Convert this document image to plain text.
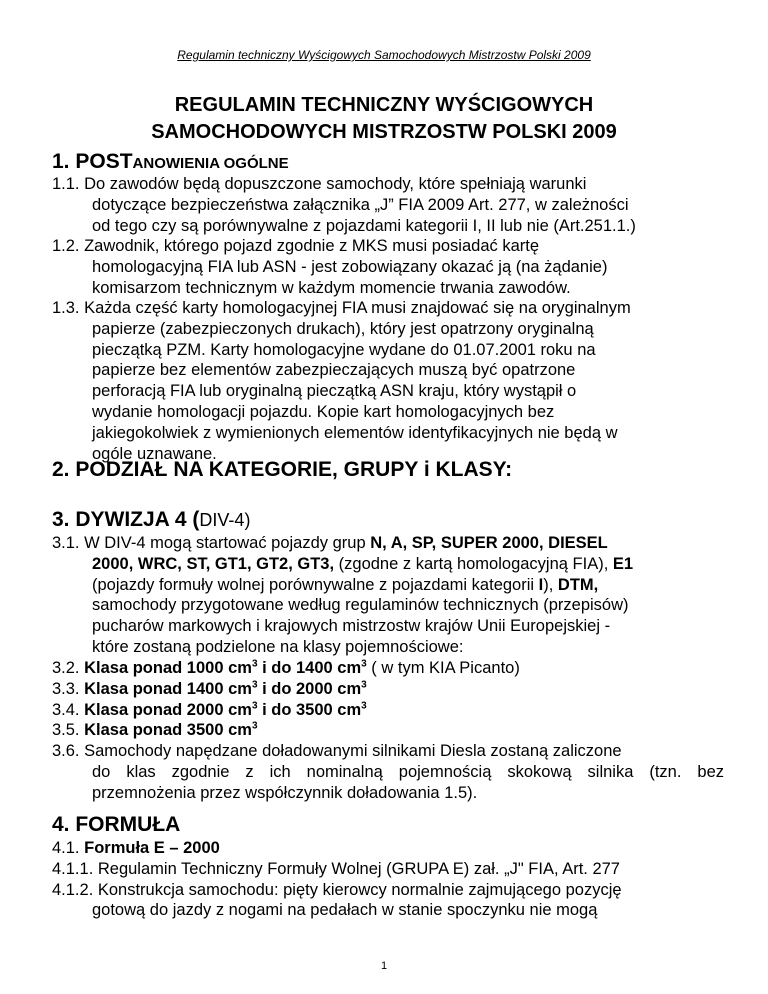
Regulamin techniczny Wyścigowych Samochodowych Mistrzostw Polski 2009
REGULAMIN TECHNICZNY WYŚCIGOWYCH
SAMOCHODOWYCH MISTRZOSTW POLSKI 2009
1. POSTANOWIENIA OGÓLNE
1.1. Do zawodów będą dopuszczone samochody, które spełniają warunki
dotyczące bezpieczeństwa załącznika „J” FIA 2009 Art. 277, w zależności
od tego czy są porównywalne z pojazdami kategorii I, II lub nie (Art.251.1.)
1.2. Zawodnik, którego pojazd zgodnie z MKS musi posiadać kartę
homologacyjną FIA lub ASN - jest zobowiązany okazać ją (na żądanie)
komisarzom technicznym w każdym momencie trwania zawodów.
1.3. Każda część karty homologacyjnej FIA musi znajdować się na oryginalnym
papierze (zabezpieczonych drukach), który jest opatrzony oryginalną
pieczątką PZM. Karty homologacyjne wydane do 01.07.2001 roku na
papierze bez elementów zabezpieczających muszą być opatrzone
perforacją FIA lub oryginalną pieczątką ASN kraju, który wystąpił o
wydanie homologacji pojazdu. Kopie kart homologacyjnych bez
jakiegokolwiek z wymienionych elementów identyfikacyjnych nie będą w
ogóle uznawane.
2. PODZIAŁ NA KATEGORIE, GRUPY i KLASY:
3. DYWIZJA 4 (DIV-4)
3.1. W DIV-4 mogą startować pojazdy grup N, A, SP, SUPER 2000, DIESEL
2000, WRC, ST, GT1, GT2, GT3, (zgodne z kartą homologacyjną FIA), E1
(pojazdy formuły wolnej porównywalne z pojazdami kategorii I), DTM,
samochody przygotowane według regulaminów technicznych (przepisów)
pucharów markowych i krajowych mistrzostw krajów Unii Europejskiej -
które zostaną podzielone na klasy pojemnościowe:
3.2. Klasa ponad 1000 $cm^3$ i do 1400 $cm^3$ ( w tym KIA Picanto)
3.3. Klasa ponad 1400 $cm^3$ i do 2000 $cm^3$
3.4. Klasa ponad 2000 $cm^3$ i do 3500 $cm^3$
3.5. Klasa ponad 3500 $cm^3$
3.6. Samochody napędzane doładowanymi silnikami Diesla zostaną zaliczone
do klas zgodnie z ich nominalną pojemnością skokową silnika (tzn. bez
przemnożenia przez współczynnik doładowania 1.5).
4. FORMUŁA
4.1. Formuła E – 2000
4.1.1. Regulamin Techniczny Formuły Wolnej (GRUPA E) zał. „J" FIA, Art. 277
4.1.2. Konstrukcja samochodu: pięty kierowcy normalnie zajmującego pozycję
gotową do jazdy z nogami na pedałach w stanie spoczynku nie mogą
1
